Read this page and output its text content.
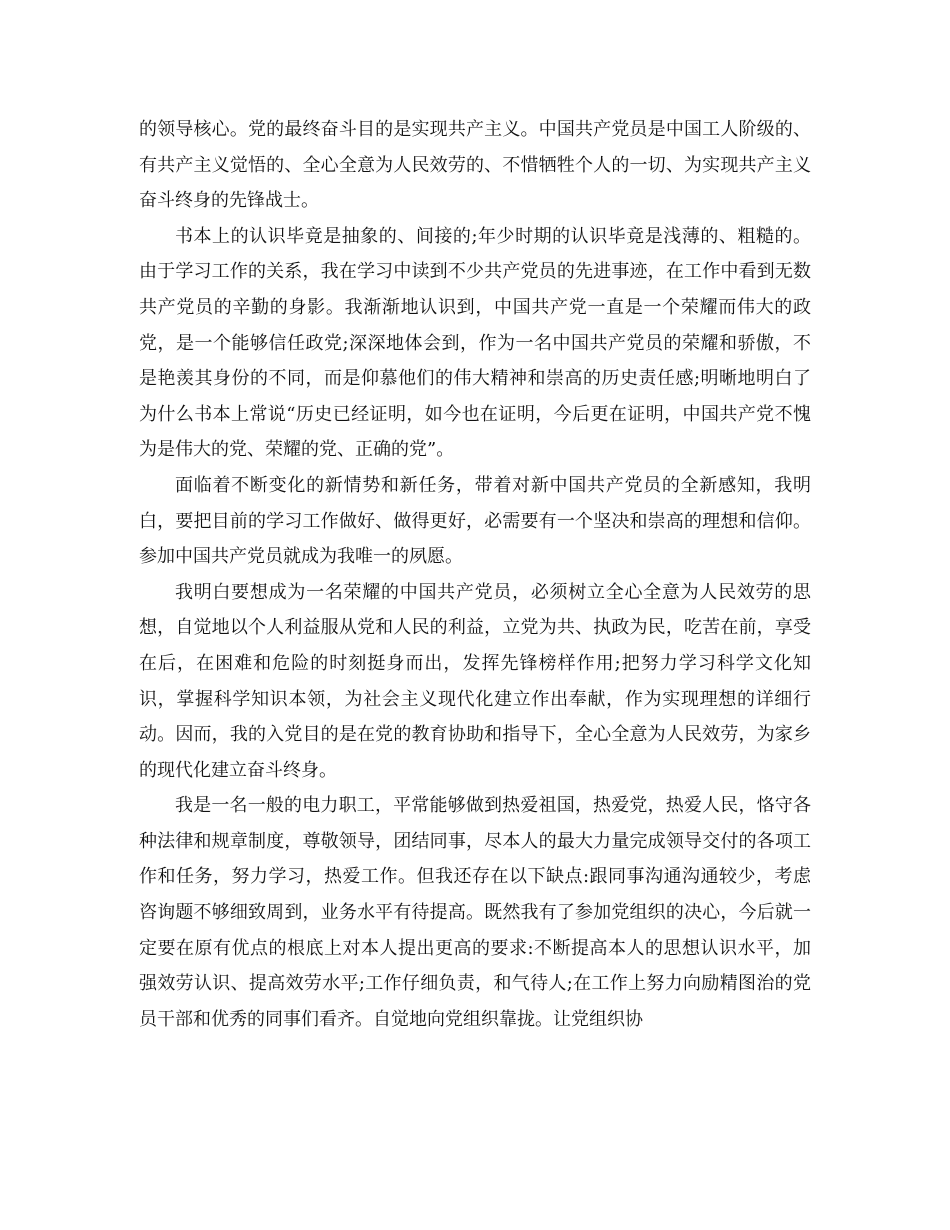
的领导核心。党的最终奋斗目的是实现共产主义。中国共产党员是中国工人阶级的、有共产主义觉悟的、全心全意为人民效劳的、不惜牺牲个人的一切、为实现共产主义奋斗终身的先锋战士。

书本上的认识毕竟是抽象的、间接的;年少时期的认识毕竟是浅薄的、粗糙的。由于学习工作的关系，我在学习中读到不少共产党员的先进事迹，在工作中看到无数共产党员的辛勤的身影。我渐渐地认识到，中国共产党一直是一个荣耀而伟大的政党，是一个能够信任政党;深深地体会到，作为一名中国共产党员的荣耀和骄傲，不是艳羡其身份的不同，而是仰慕他们的伟大精神和崇高的历史责任感;明晰地明白了为什么书本上常说“历史已经证明，如今也在证明，今后更在证明，中国共产党不愧为是伟大的党、荣耀的党、正确的党”。

面临着不断变化的新情势和新任务，带着对新中国共产党员的全新感知，我明白，要把目前的学习工作做好、做得更好，必需要有一个坚决和崇高的理想和信仰。参加中国共产党员就成为我唯一的夙愿。

我明白要想成为一名荣耀的中国共产党员，必须树立全心全意为人民效劳的思想，自觉地以个人利益服从党和人民的利益，立党为共、执政为民，吃苦在前，享受在后，在困难和危险的时刻挺身而出，发挥先锋榜样作用;把努力学习科学文化知识，掌握科学知识本领，为社会主义现代化建立作出奉献，作为实现理想的详细行动。因而，我的入党目的是在党的教育协助和指导下，全心全意为人民效劳，为家乡的现代化建立奋斗终身。

我是一名一般的电力职工，平常能够做到热爱祖国，热爱党，热爱人民，恪守各种法律和规章制度，尊敬领导，团结同事，尽本人的最大力量完成领导交付的各项工作和任务，努力学习，热爱工作。但我还存在以下缺点:跟同事沟通沟通较少，考虑咨询题不够细致周到，业务水平有待提高。既然我有了参加党组织的决心，今后就一定要在原有优点的根底上对本人提出更高的要求:不断提高本人的思想认识水平，加强效劳认识、提高效劳水平;工作仔细负责，和气待人;在工作上努力向励精图治的党员干部和优秀的同事们看齐。自觉地向党组织靠拢。让党组织协
